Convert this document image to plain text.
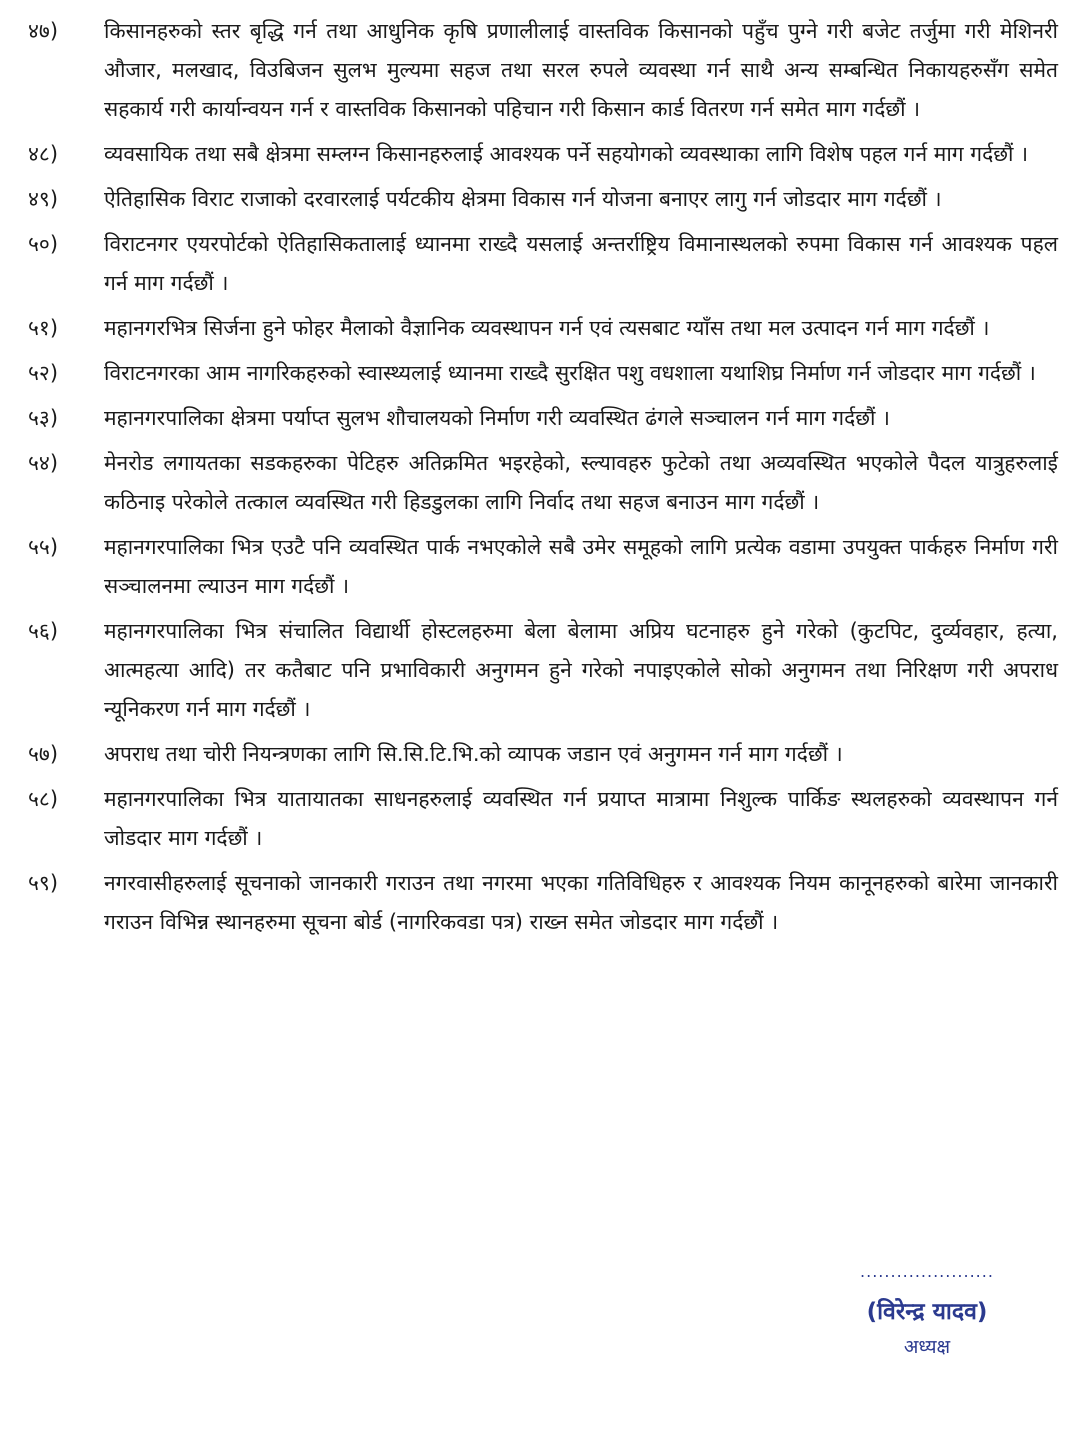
४७)	किसानहरुको स्तर बृद्धि गर्न तथा आधुनिक कृषि प्रणालीलाई वास्तविक किसानको पहुँच पुग्ने गरी बजेट तर्जुमा गरी मेशिनरी औजार, मलखाद, विउबिजन सुलभ मुल्यमा सहज तथा सरल रुपले व्यवस्था गर्न साथै अन्य सम्बन्धित निकायहरुसँग समेत सहकार्य गरी कार्यान्वयन गर्न र वास्तविक किसानको पहिचान गरी किसान कार्ड वितरण गर्न समेत माग गर्दछौं ।
४८)	व्यवसायिक तथा सबै क्षेत्रमा सम्लग्न किसानहरुलाई आवश्यक पर्ने सहयोगको व्यवस्थाका लागि विशेष पहल गर्न माग गर्दछौं ।
४९)	ऐतिहासिक विराट राजाको दरवारलाई पर्यटकीय क्षेत्रमा विकास गर्न योजना बनाएर लागु गर्न जोडदार माग गर्दछौं ।
५०)	विराटनगर एयरपोर्टको ऐतिहासिकतालाई ध्यानमा राख्दै यसलाई अन्तर्राष्ट्रिय विमानास्थलको रुपमा विकास गर्न आवश्यक पहल गर्न माग गर्दछौं ।
५१)	महानगरभित्र सिर्जना हुने फोहर मैलाको वैज्ञानिक व्यवस्थापन गर्न एवं त्यसबाट ग्याँस तथा मल उत्पादन गर्न माग गर्दछौं ।
५२)	विराटनगरका आम नागरिकहरुको स्वास्थ्यलाई ध्यानमा राख्दै सुरक्षित पशु वधशाला यथाशिघ्र निर्माण गर्न जोडदार माग गर्दछौं ।
५३)	महानगरपालिका क्षेत्रमा पर्याप्त सुलभ शौचालयको निर्माण गरी व्यवस्थित ढंगले सञ्चालन गर्न माग गर्दछौं ।
५४)	मेनरोड लगायतका सडकहरुका पेटिहरु अतिक्रमित भइरहेको, स्ल्यावहरु फुटेको तथा अव्यवस्थित भएकोले पैदल यात्रुहरुलाई कठिनाइ परेकोले तत्काल व्यवस्थित गरी हिडडुलका लागि निर्वाद तथा सहज बनाउन माग गर्दछौं ।
५५)	महानगरपालिका भित्र एउटै पनि व्यवस्थित पार्क नभएकोले सबै उमेर समूहको लागि प्रत्येक वडामा उपयुक्त पार्कहरु निर्माण गरी सञ्चालनमा ल्याउन माग गर्दछौं ।
५६)	महानगरपालिका भित्र संचालित विद्यार्थी होस्टलहरुमा बेला बेलामा अप्रिय घटनाहरु हुने गरेको (कुटपिट, दुर्व्यवहार, हत्या, आत्महत्या आदि) तर कतैबाट पनि प्रभाविकारी अनुगमन हुने गरेको नपाइएकोले सोको अनुगमन तथा निरिक्षण गरी अपराध न्यूनिकरण गर्न माग गर्दछौं ।
५७)	अपराध तथा चोरी नियन्त्रणका लागि सि.सि.टि.भि.को व्यापक जडान एवं अनुगमन गर्न माग गर्दछौं ।
५८)	महानगरपालिका भित्र यातायातका साधनहरुलाई व्यवस्थित गर्न प्रयाप्त मात्रामा निशुल्क पार्किङ स्थलहरुको व्यवस्थापन गर्न जोडदार माग गर्दछौं ।
५९)	नगरवासीहरुलाई सूचनाको जानकारी गराउन तथा नगरमा भएका गतिविधिहरु र आवश्यक नियम कानूनहरुको बारेमा जानकारी गराउन विभिन्न स्थानहरुमा सूचना बोर्ड (नागरिकवडा पत्र) राख्न समेत जोडदार माग गर्दछौं ।
......................
(विरेन्द्र यादव)
अध्यक्ष
